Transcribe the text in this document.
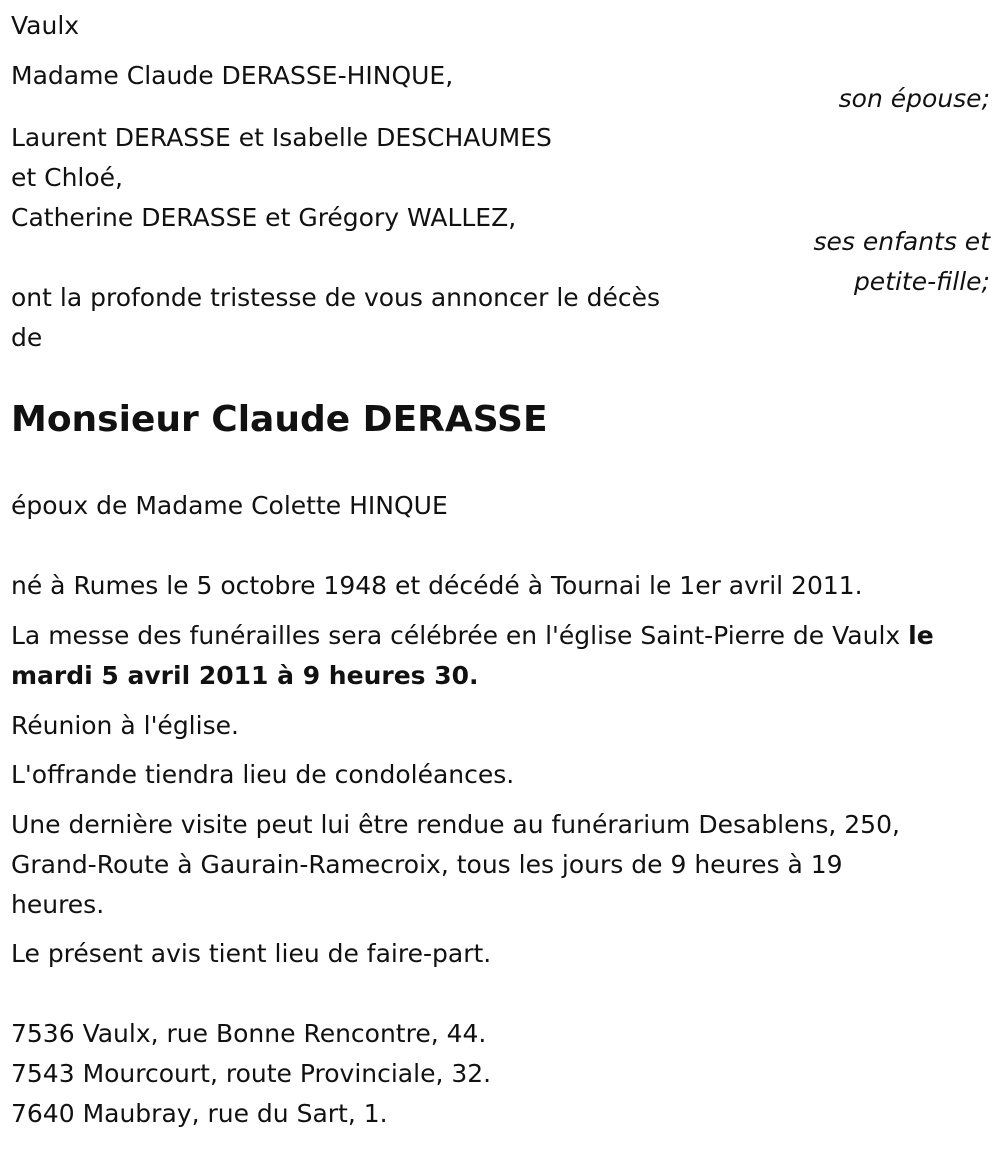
Vaulx

Madame Claude DERASSE-HINQUE,

son épouse;

Laurent DERASSE et Isabelle DESCHAUMES

et Chloé,

Catherine DERASSE et Grégory WALLEZ,

ses enfants et

petite-fille;

ont la profonde tristesse de vous annoncer le décès

de

Monsieur Claude DERASSE

époux de Madame Colette HINQUE

né à Rumes le 5 octobre 1948 et décédé à Tournai le 1er avril 2011.

La messe des funérailles sera célébrée en l'église Saint-Pierre de Vaulx le

mardi 5 avril 2011 à 9 heures 30.

Réunion à l'église.

L'offrande tiendra lieu de condoléances.

Une dernière visite peut lui être rendue au funérarium Desablens, 250,

Grand-Route à Gaurain-Ramecroix, tous les jours de 9 heures à 19

heures.

Le présent avis tient lieu de faire-part.

7536 Vaulx, rue Bonne Rencontre, 44.

7543 Mourcourt, route Provinciale, 32.

7640 Maubray, rue du Sart, 1.
